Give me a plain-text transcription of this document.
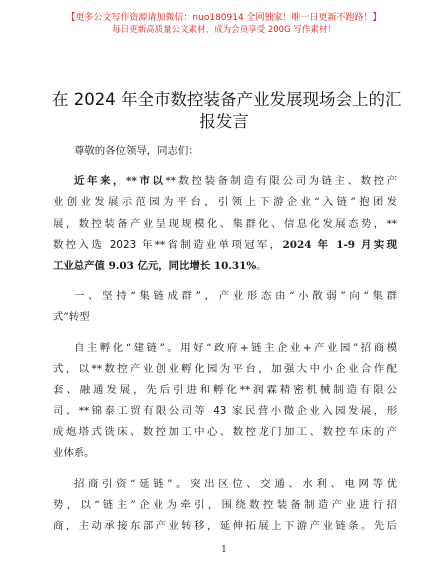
【更多公文写作资源请加微信：nuo180914 全网独家！唯一日更新不跑路！】
每日更新高质量公文素材，成为会员享受 200G 写作素材！
在 2024 年全市数控装备产业发展现场会上的汇
报发言
尊敬的各位领导，同志们：
近年来，**市以**数控装备制造有限公司为链主、数控产
业创业发展示范园为平台，引领上下游企业“入链”抱团发
展，数控装备产业呈现规模化、集群化、信息化发展态势，**
数控入选 2023 年**省制造业单项冠军，2024 年 1-9 月实现
工业总产值 9.03 亿元，同比增长 10.31%。
一、坚持“集链成群”，产业形态由“小散弱”向“集群
式”转型
自主孵化“建链”。用好“政府+链主企业+产业园”招商模
式，以**数控产业创业孵化园为平台，加强大中小企业合作配
套、融通发展，先后引进和孵化**润霖精密机械制造有限公
司、**锦泰工贸有限公司等 43 家民营小微企业入园发展，形
成炮塔式铣床、数控加工中心、数控龙门加工、数控车床的产
业体系。
招商引资“延链”。突出区位、交通、水利、电网等优
势，以“链主”企业为牵引，围绕数控装备制造产业进行招
商，主动承接东部产业转移，延伸拓展上下游产业链条。先后
1
